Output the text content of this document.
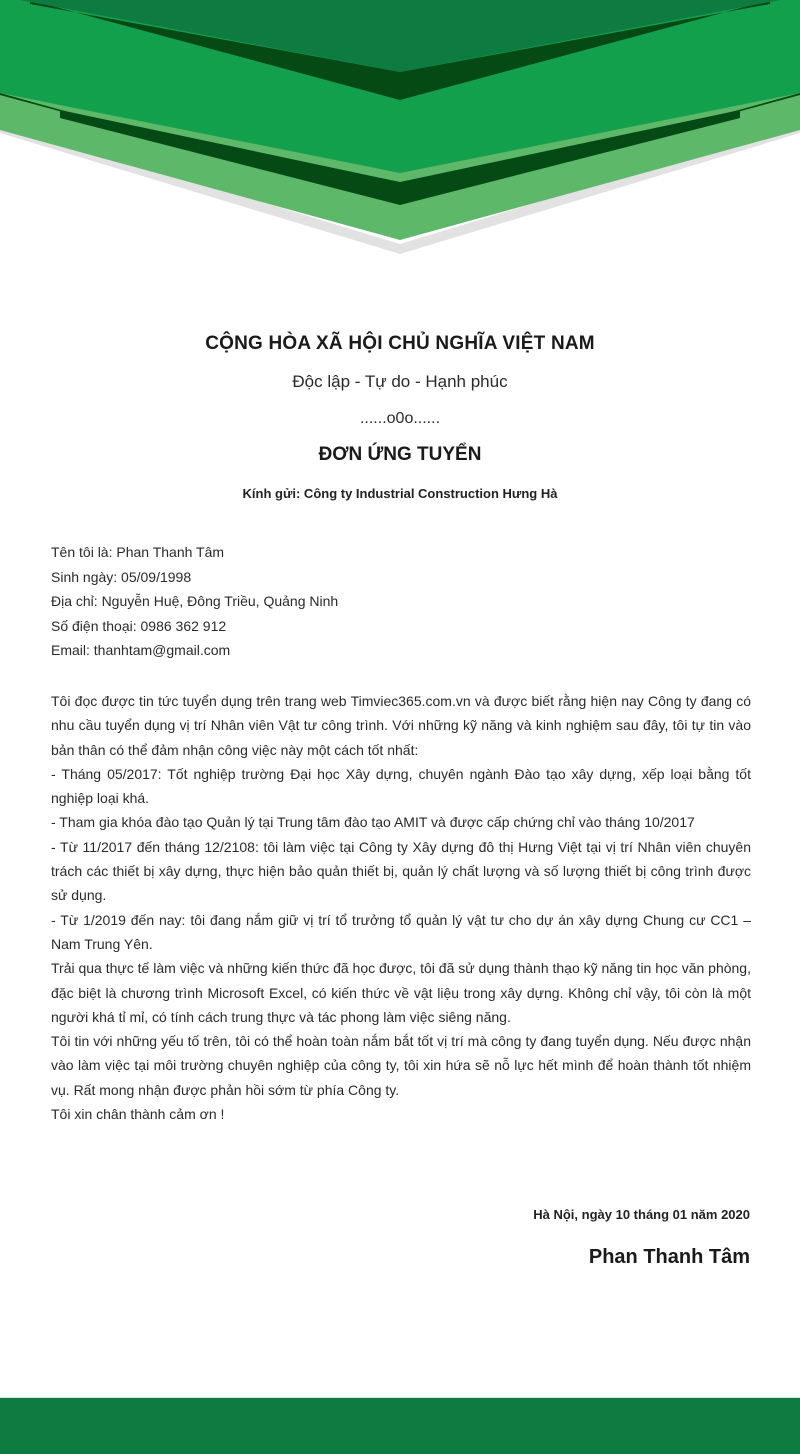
CỘNG HÒA XÃ HỘI CHỦ NGHĨA VIỆT NAM
Độc lập - Tự do - Hạnh phúc
......o0o......
ĐƠN ỨNG TUYỂN
Kính gửi: Công ty Industrial Construction Hưng Hà
Tên tôi là: Phan Thanh Tâm
Sinh ngày: 05/09/1998
Địa chỉ: Nguyễn Huệ, Đông Triều, Quảng Ninh
Số điện thoại: 0986 362 912
Email: thanhtam@gmail.com

Tôi đọc được tin tức tuyển dụng trên trang web Timviec365.com.vn và được biết rằng hiện nay Công ty đang có nhu cầu tuyển dụng vị trí Nhân viên Vật tư công trình. Với những kỹ năng và kinh nghiệm sau đây, tôi tự tin vào bản thân có thể đảm nhận công việc này một cách tốt nhất:

- Tháng 05/2017: Tốt nghiệp trường Đại học Xây dựng, chuyên ngành Đào tạo xây dựng, xếp loại bằng tốt nghiệp loại khá.

- Tham gia khóa đào tạo Quản lý tại Trung tâm đào tạo AMIT và được cấp chứng chỉ vào tháng 10/2017

- Từ 11/2017 đến tháng 12/2108: tôi làm việc tại Công ty Xây dựng đô thị Hưng Việt tại vị trí Nhân viên chuyên trách các thiết bị xây dựng, thực hiện bảo quản thiết bị, quản lý chất lượng và số lượng thiết bị công trình được sử dụng.

- Từ 1/2019 đến nay: tôi đang nắm giữ vị trí tổ trưởng tổ quản lý vật tư cho dự án xây dựng Chung cư CC1 – Nam Trung Yên.

Trải qua thực tế làm việc và những kiến thức đã học được, tôi đã sử dụng thành thạo kỹ năng tin học văn phòng, đặc biệt là chương trình Microsoft Excel, có kiến thức về vật liệu trong xây dựng. Không chỉ vậy, tôi còn là một người khá tỉ mỉ, có tính cách trung thực và tác phong làm việc siêng năng.

Tôi tin với những yếu tố trên, tôi có thể hoàn toàn nắm bắt tốt vị trí mà công ty đang tuyển dụng. Nếu được nhận vào làm việc tại môi trường chuyên nghiệp của công ty, tôi xin hứa sẽ nỗ lực hết mình để hoàn thành tốt nhiệm vụ. Rất mong nhận được phản hồi sớm từ phía Công ty.

Tôi xin chân thành cảm ơn !

Hà Nội, ngày 10 tháng 01 năm 2020
Phan Thanh Tâm
